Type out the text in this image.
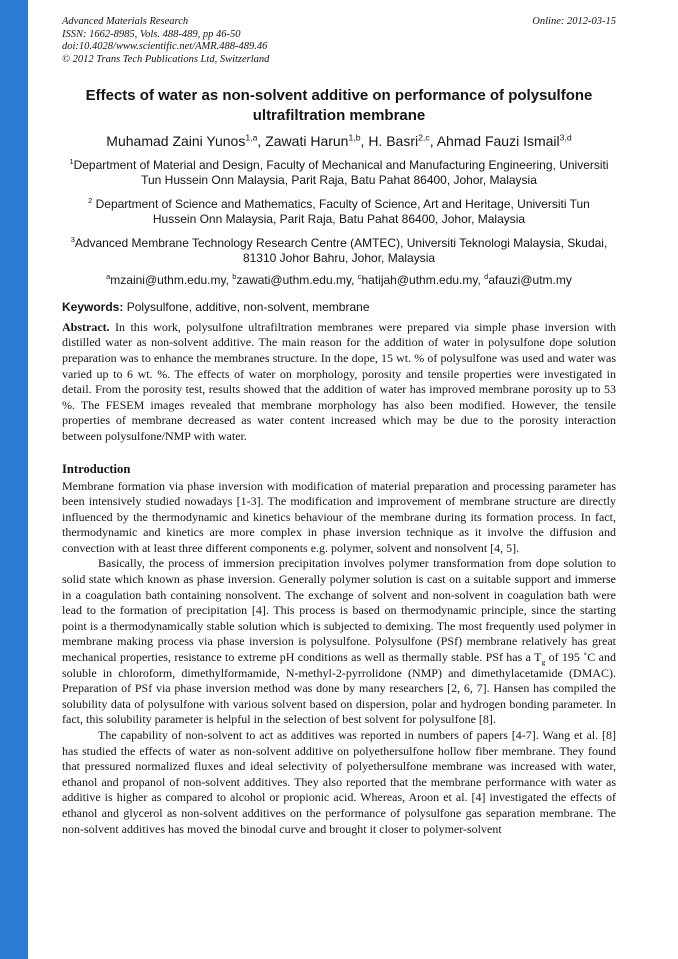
Advanced Materials Research
ISSN: 1662-8985, Vols. 488-489, pp 46-50
doi:10.4028/www.scientific.net/AMR.488-489.46
© 2012 Trans Tech Publications Ltd, Switzerland
Online: 2012-03-15
Effects of water as non-solvent additive on performance of polysulfone ultrafiltration membrane

Muhamad Zaini Yunos$^{1,a}$, Zawati Harun$^{1,b}$, H. Basri$^{2,c}$, Ahmad Fauzi Ismail$^{3,d}$

$^1$Department of Material and Design, Faculty of Mechanical and Manufacturing Engineering, Universiti Tun Hussein Onn Malaysia, Parit Raja, Batu Pahat 86400, Johor, Malaysia

$^2$ Department of Science and Mathematics, Faculty of Science, Art and Heritage, Universiti Tun Hussein Onn Malaysia, Parit Raja, Batu Pahat 86400, Johor, Malaysia

$^3$Advanced Membrane Technology Research Centre (AMTEC), Universiti Teknologi Malaysia, Skudai, 81310 Johor Bahru, Johor, Malaysia

$^a$mzaini@uthm.edu.my, $^b$zawati@uthm.edu.my, $^c$hatijah@uthm.edu.my, $^d$afauzi@utm.my

Keywords: Polysulfone, additive, non-solvent, membrane

Abstract. In this work, polysulfone ultrafiltration membranes were prepared via simple phase inversion with distilled water as non-solvent additive. The main reason for the addition of water in polysulfone dope solution preparation was to enhance the membranes structure. In the dope, 15 wt. % of polysulfone was used and water was varied up to 6 wt. %. The effects of water on morphology, porosity and tensile properties were investigated in detail. From the porosity test, results showed that the addition of water has improved membrane porosity up to 53 %. The FESEM images revealed that membrane morphology has also been modified. However, the tensile properties of membrane decreased as water content increased which may be due to the porosity interaction between polysulfone/NMP with water.

Introduction

Membrane formation via phase inversion with modification of material preparation and processing parameter has been intensively studied nowadays [1-3]. The modification and improvement of membrane structure are directly influenced by the thermodynamic and kinetics behaviour of the membrane during its formation process. In fact, thermodynamic and kinetics are more complex in phase inversion technique as it involve the diffusion and convection with at least three different components e.g. polymer, solvent and nonsolvent [4, 5].

Basically, the process of immersion precipitation involves polymer transformation from dope solution to solid state which known as phase inversion. Generally polymer solution is cast on a suitable support and immerse in a coagulation bath containing nonsolvent. The exchange of solvent and non-solvent in coagulation bath were lead to the formation of precipitation [4]. This process is based on thermodynamic principle, since the starting point is a thermodynamically stable solution which is subjected to demixing. The most frequently used polymer in membrane making process via phase inversion is polysulfone. Polysulfone (PSf) membrane relatively has great mechanical properties, resistance to extreme pH conditions as well as thermally stable. PSf has a $T_g$ of 195 ˚C and soluble in chloroform, dimethylformamide, N-methyl-2-pyrrolidone (NMP) and dimethylacetamide (DMAC). Preparation of PSf via phase inversion method was done by many researchers [2, 6, 7]. Hansen has compiled the solubility data of polysulfone with various solvent based on dispersion, polar and hydrogen bonding parameter. In fact, this solubility parameter is helpful in the selection of best solvent for polysulfone [8].

The capability of non-solvent to act as additives was reported in numbers of papers [4-7]. Wang et al. [8] has studied the effects of water as non-solvent additive on polyethersulfone hollow fiber membrane. They found that pressured normalized fluxes and ideal selectivity of polyethersulfone membrane was increased with water, ethanol and propanol of non-solvent additives. They also reported that the membrane performance with water as additive is higher as compared to alcohol or propionic acid. Whereas, Aroon et al. [4] investigated the effects of ethanol and glycerol as non-solvent additives on the performance of polysulfone gas separation membrane. The non-solvent additives has moved the binodal curve and brought it closer to polymer-solvent
